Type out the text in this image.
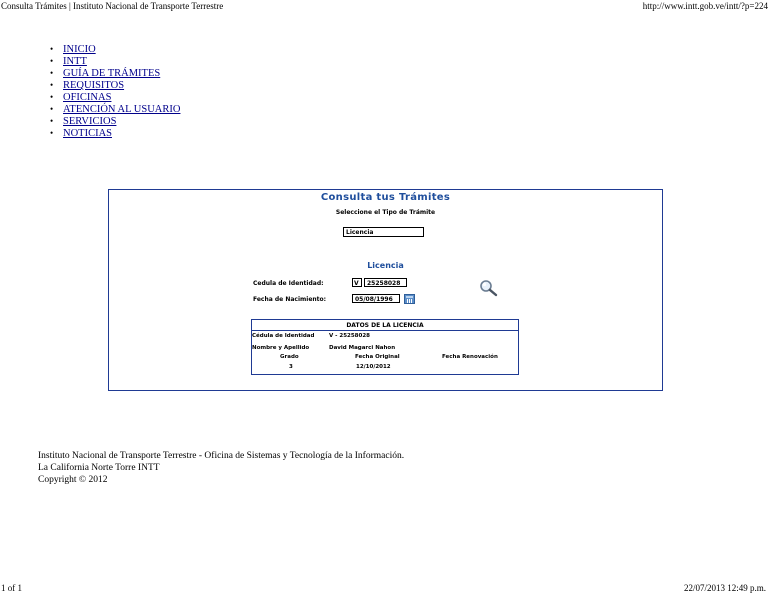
Consulta Trámites | Instituto Nacional de Transporte Terrestre	http://www.intt.gob.ve/intt/?p=224
• INICIO
• INTT
• GUÍA DE TRÁMITES
• REQUISITOS
• OFICINAS
• ATENCIÓN AL USUARIO
• SERVICIOS
• NOTICIAS
Consulta tus Trámites
Seleccione el Tipo de Trámite
Licencia
Licencia
Cedula de Identidad:	V	25258028
Fecha de Nacimiento:	05/08/1996
DATOS DE LA LICENCIA
Cédula de Identidad	V - 25258028
Nombre y Apellido	David Magarci Nahon
Grado	Fecha Original	Fecha Renovación
3	12/10/2012
Instituto Nacional de Transporte Terrestre - Oficina de Sistemas y Tecnología de la Información.
La California Norte Torre INTT
Copyright © 2012
1 of 1	22/07/2013 12:49 p.m.
